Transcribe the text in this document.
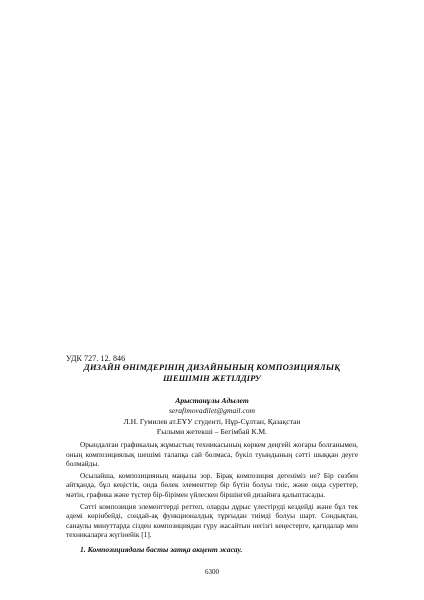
УДК 727. 12. 846
ДИЗАЙН ӨНІМДЕРІНІҢ ДИЗАЙНЫНЫҢ КОМПОЗИЦИЯЛЫҚ
ШЕШІМІН ЖЕТІЛДІРУ
Арыстанұлы Адылет
serafimovadilet@gmail.com
Л.Н. Гумилев ат.ЕҰУ студенті, Нұр-Сұлтан, Қазақстан
Ғылыми жетекші – Бегімбай К.М.

Орындалған графикалық жұмыстың техникасының көркем деңгейі жоғары болғанымен, оның композициялық шешімі талапқа сай болмаса, бүкіл туындының сәтті шыққан деуге болмайды.

Осылайша, композицияның маңызы зор. Бірақ композиция дегеніміз не? Бір сөзбен айтқанда, бұл кеңістік, онда бөлек элементтер бір бүтін болуы тиіс, және онда суреттер, мәтін, графика және түстер бір-бірімен үйлескен біршінгей дизайнға қалыптасады.

Сәтті композиция элементтерді реттеп, оларды дұрыс үлестіруді кездейді және бұл тек әдемі көрінбейді, сондай-ақ функционалдық тұрғыдан тиімді болуы шарт. Сондықтан, санаулы минуттарда сізден композициядан гүру жасайтын негізгі кеңестерге, қағидалар мен техникаларға жүгінейік [1].

1. Композициядағы басты затқа акцент жасау.
6300
